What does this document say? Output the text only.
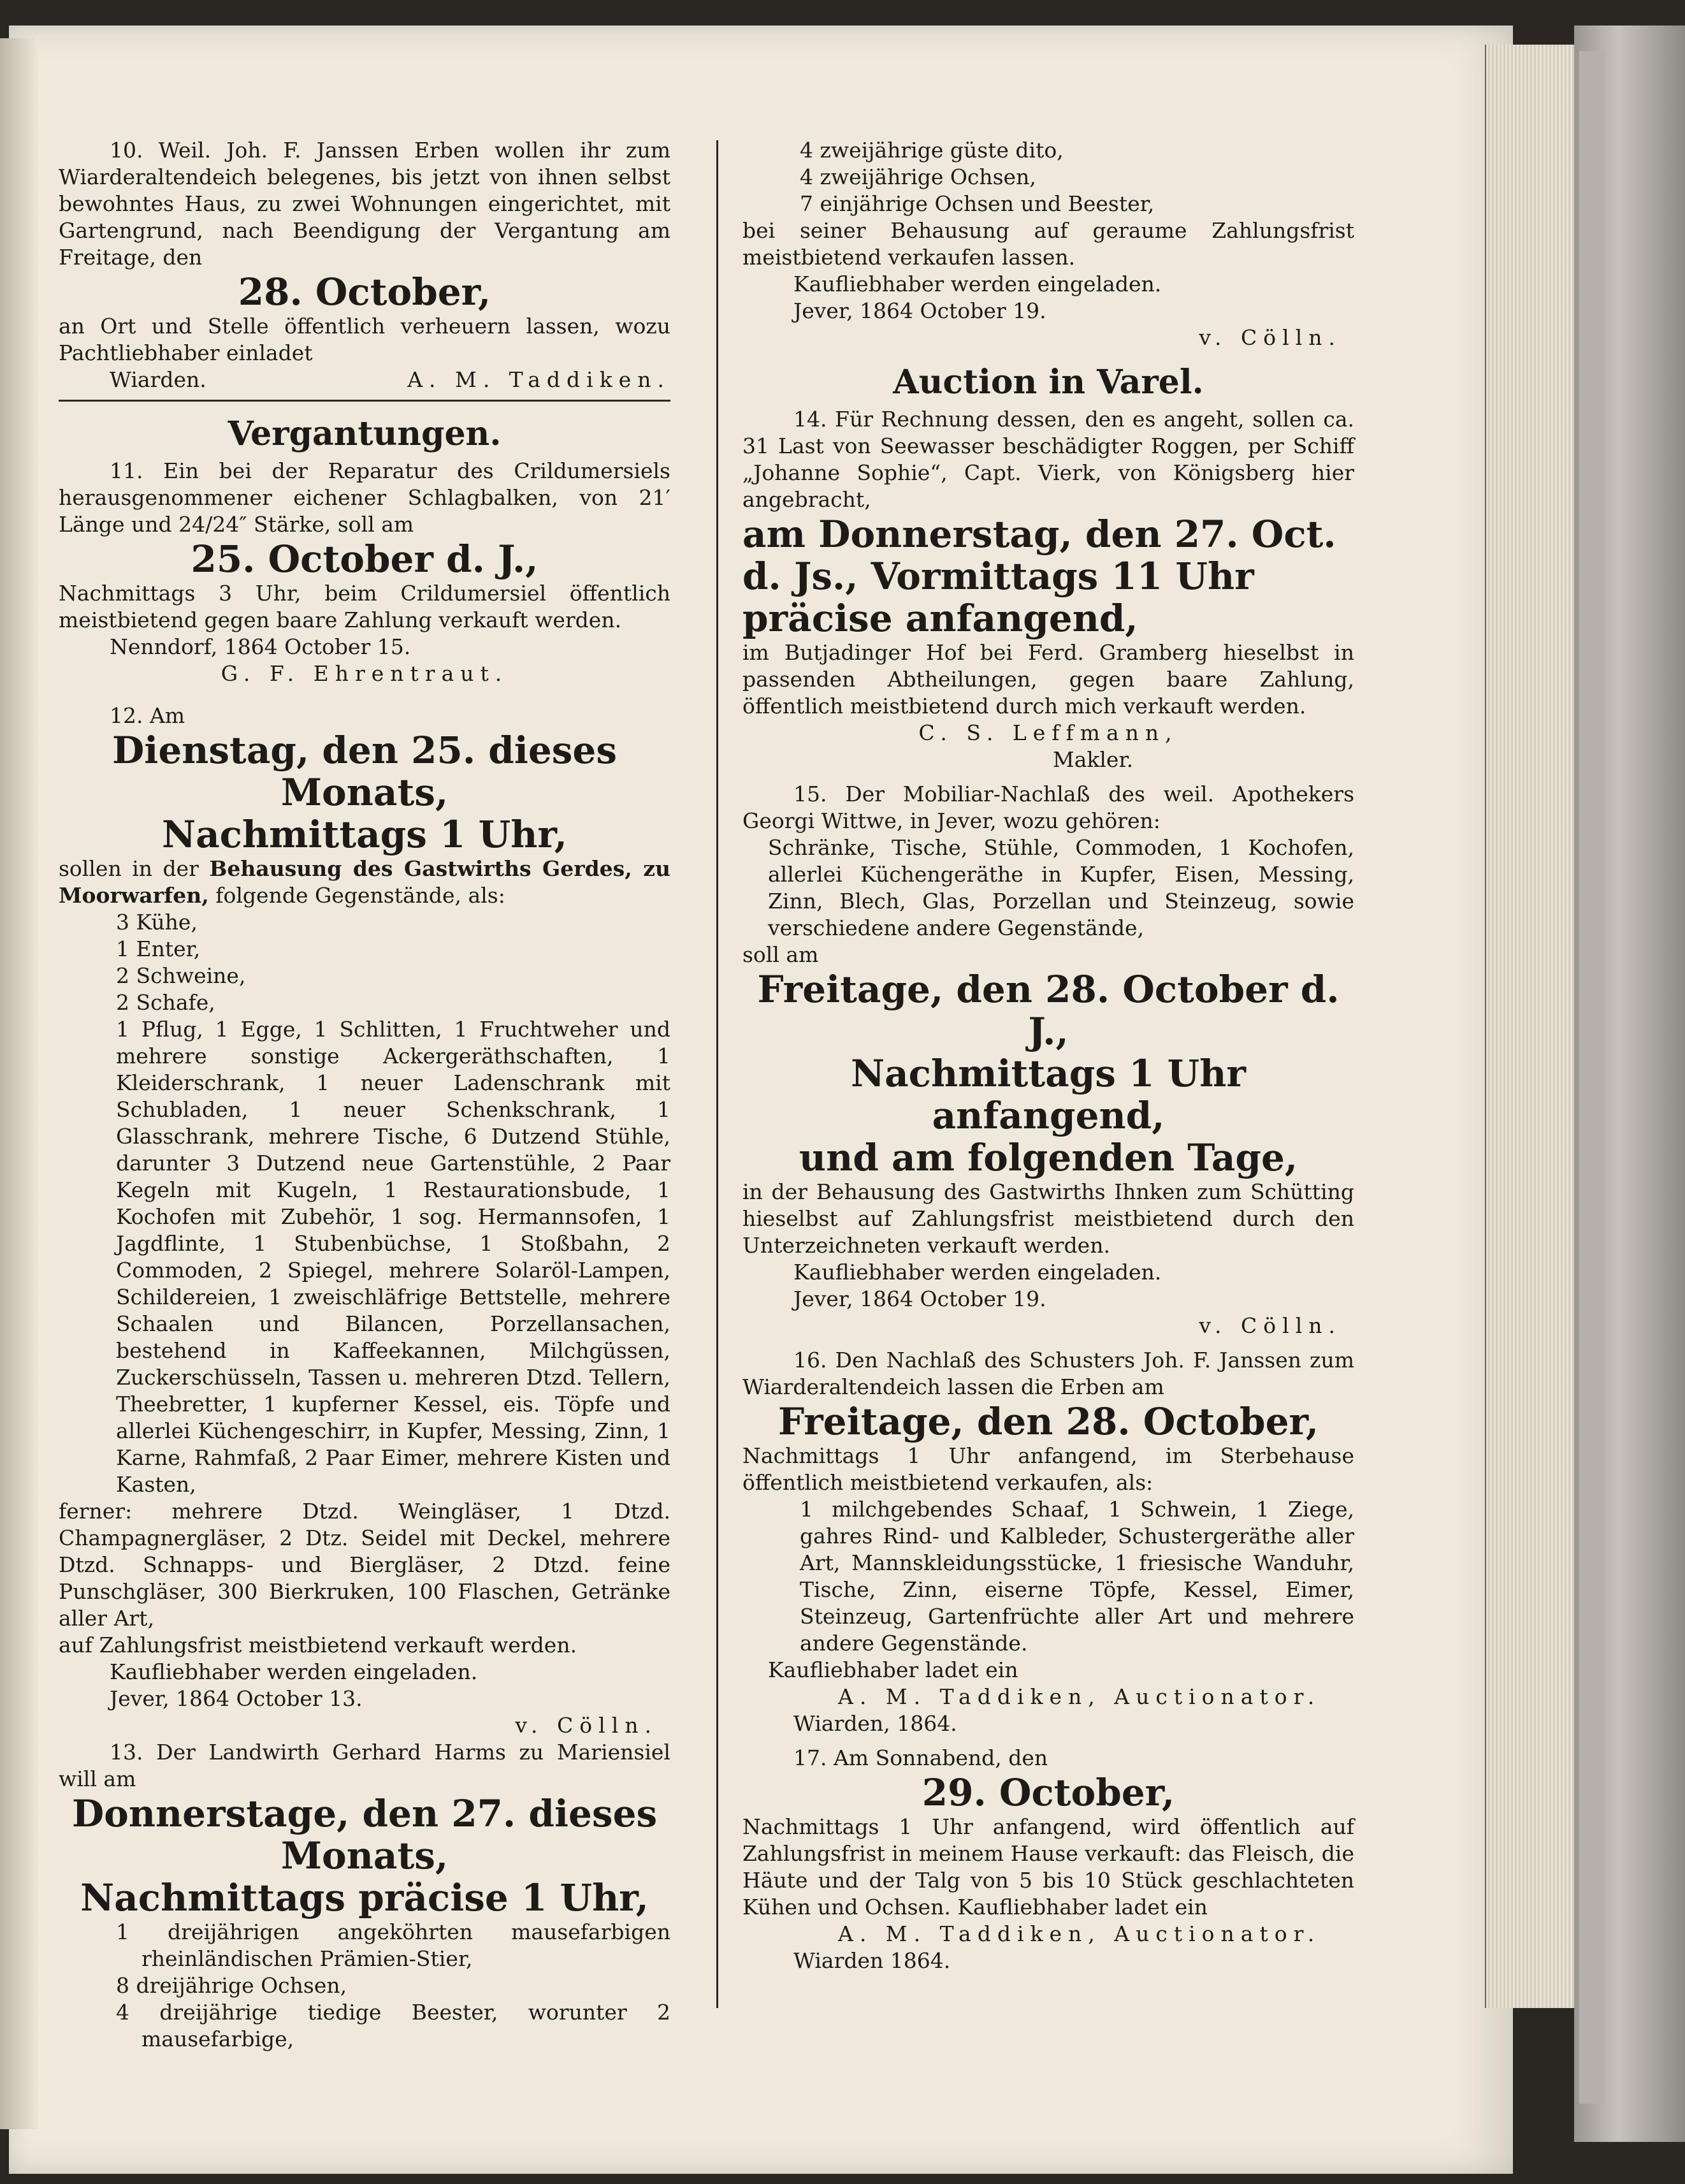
10. Weil. Joh. F. Janssen Erben wollen ihr zum Wiarderaltendeich belegenes, bis jetzt von ihnen selbst bewohntes Haus, zu zwei Wohnungen eingerichtet, mit Gartengrund, nach Beendigung der Vergantung am Freitage, den

28. October,

an Ort und Stelle öffentlich verheuern lassen, wozu Pachtliebhaber einladet

Wiarden.	A. M. Taddiken.

Vergantungen.

11. Ein bei der Reparatur des Crildumersiels herausgenommener eichener Schlagbalken, von 21′ Länge und 24/24″ Stärke, soll am

25. October d. J.,

Nachmittags 3 Uhr, beim Crildumersiel öffentlich meistbietend gegen baare Zahlung verkauft werden.

Nenndorf, 1864 October 15.

G. F. Ehrentraut.

12. Am

Dienstag, den 25. dieses Monats,

Nachmittags 1 Uhr,

sollen in der Behausung des Gastwirths Gerdes, zu Moorwarfen, folgende Gegenstände, als:

3 Kühe,
1 Enter,
2 Schweine,
2 Schafe,

1 Pflug, 1 Egge, 1 Schlitten, 1 Fruchtweher und mehrere sonstige Ackergeräthschaften, 1 Kleiderschrank, 1 neuer Ladenschrank mit Schubladen, 1 neuer Schenkschrank, 1 Glasschrank, mehrere Tische, 6 Dutzend Stühle, darunter 3 Dutzend neue Gartenstühle, 2 Paar Kegeln mit Kugeln, 1 Restaurationsbude, 1 Kochofen mit Zubehör, 1 sog. Hermannsofen, 1 Jagdflinte, 1 Stubenbüchse, 1 Stoßbahn, 2 Commoden, 2 Spiegel, mehrere Solaröl-Lampen, Schildereien, 1 zweischläfrige Bettstelle, mehrere Schaalen und Bilancen, Porzellansachen, bestehend in Kaffeekannen, Milchgüssen, Zuckerschüsseln, Tassen u. mehreren Dtzd. Tellern, Theebretter, 1 kupferner Kessel, eis. Töpfe und allerlei Küchengeschirr, in Kupfer, Messing, Zinn, 1 Karne, Rahmfaß, 2 Paar Eimer, mehrere Kisten und Kasten,

ferner: mehrere Dtzd. Weingläser, 1 Dtzd. Champagnergläser, 2 Dtz. Seidel mit Deckel, mehrere Dtzd. Schnapps- und Biergläser, 2 Dtzd. feine Punschgläser, 300 Bierkruken, 100 Flaschen, Getränke aller Art,

auf Zahlungsfrist meistbietend verkauft werden.

Kaufliebhaber werden eingeladen.

Jever, 1864 October 13.

v. Cölln.

13. Der Landwirth Gerhard Harms zu Mariensiel will am

Donnerstage, den 27. dieses Monats,

Nachmittags präcise 1 Uhr,

1 dreijährigen angeköhrten mausefarbigen rheinländischen Prämien-Stier,

8 dreijährige Ochsen,

4 dreijährige tiedige Beester, worunter 2 mausefarbige,

4 zweijährige güste dito,
4 zweijährige Ochsen,
7 einjährige Ochsen und Beester,

bei seiner Behausung auf geraume Zahlungsfrist meistbietend verkaufen lassen.

Kaufliebhaber werden eingeladen.

Jever, 1864 October 19.

v. Cölln.

Auction in Varel.

14. Für Rechnung dessen, den es angeht, sollen ca. 31 Last von Seewasser beschädigter Roggen, per Schiff „Johanne Sophie“, Capt. Vierk, von Königsberg hier angebracht,

am Donnerstag, den 27. Oct. d. Js., Vormittags 11 Uhr präcise anfangend,

im Butjadinger Hof bei Ferd. Gramberg hieselbst in passenden Abtheilungen, gegen baare Zahlung, öffentlich meistbietend durch mich verkauft werden.

C. S. Leffmann,

Makler.

15. Der Mobiliar-Nachlaß des weil. Apothekers Georgi Wittwe, in Jever, wozu gehören:

Schränke, Tische, Stühle, Commoden, 1 Kochofen, allerlei Küchengeräthe in Kupfer, Eisen, Messing, Zinn, Blech, Glas, Porzellan und Steinzeug, sowie verschiedene andere Gegenstände,

soll am

Freitage, den 28. October d. J.,

Nachmittags 1 Uhr anfangend,

und am folgenden Tage,

in der Behausung des Gastwirths Ihnken zum Schütting hieselbst auf Zahlungsfrist meistbietend durch den Unterzeichneten verkauft werden.

Kaufliebhaber werden eingeladen.

Jever, 1864 October 19.

v. Cölln.

16. Den Nachlaß des Schusters Joh. F. Janssen zum Wiarderaltendeich lassen die Erben am

Freitage, den 28. October,

Nachmittags 1 Uhr anfangend, im Sterbehause öffentlich meistbietend verkaufen, als:

1 milchgebendes Schaaf, 1 Schwein, 1 Ziege, gahres Rind- und Kalbleder, Schustergeräthe aller Art, Mannskleidungsstücke, 1 friesische Wanduhr, Tische, Zinn, eiserne Töpfe, Kessel, Eimer, Steinzeug, Gartenfrüchte aller Art und mehrere andere Gegenstände.

Kaufliebhaber ladet ein

A. M. Taddiken, Auctionator.

Wiarden, 1864.

17. Am Sonnabend, den

29. October,

Nachmittags 1 Uhr anfangend, wird öffentlich auf Zahlungsfrist in meinem Hause verkauft: das Fleisch, die Häute und der Talg von 5 bis 10 Stück geschlachteten Kühen und Ochsen. Kaufliebhaber ladet ein

A. M. Taddiken, Auctionator.

Wiarden 1864.
